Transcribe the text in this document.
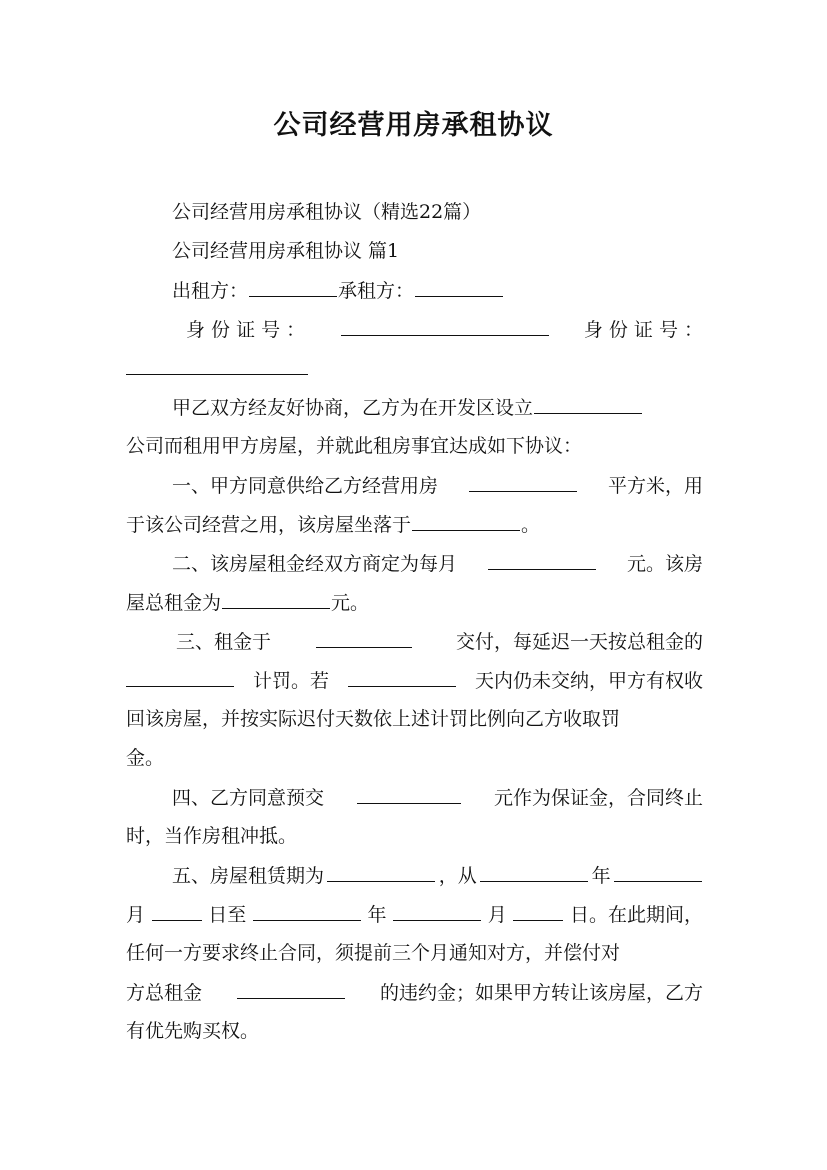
公司经营用房承租协议
公司经营用房承租协议（精选22篇）
公司经营用房承租协议 篇1
出租方：	承租方：
身 份 证 号 ：	身 份 证 号 ：
甲乙双方经友好协商，乙方为在开发区设立
公司而租用甲方房屋，并就此租房事宜达成如下协议：
一、甲方同意供给乙方经营用房	平方米，用
于该公司经营之用，该房屋坐落于	。
二、该房屋租金经双方商定为每月	元。该房
屋总租金为	元。
三、租金于	交付，每延迟一天按总租金的
计罚。若	天内仍未交纳，甲方有权收
回该房屋，并按实际迟付天数依上述计罚比例向乙方收取罚
金。
四、乙方同意预交	元作为保证金，合同终止
时，当作房租冲抵。
五、房屋租赁期为	，从	年
月	日至	年	月	日。在此期间，
任何一方要求终止合同，须提前三个月通知对方，并偿付对
方总租金	的违约金；如果甲方转让该房屋，乙方
有优先购买权。
